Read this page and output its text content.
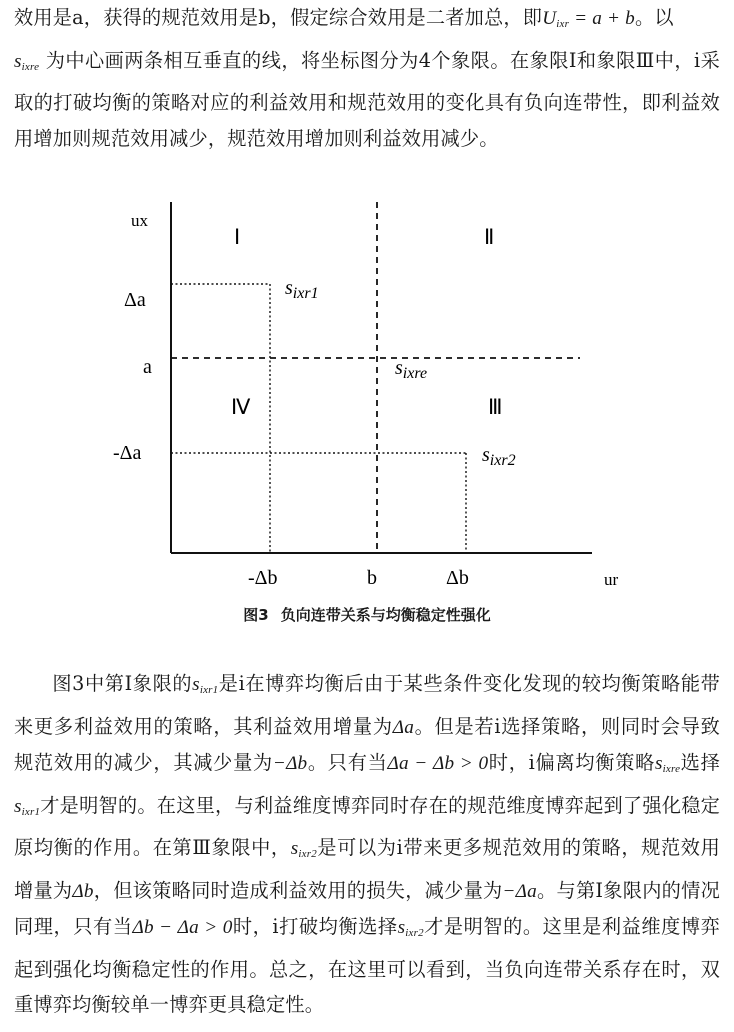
效用是a，获得的规范效用是b，假定综合效用是二者加总，即$U_{ixr} = a + b$。以
$s_{ixre}$ 为中心画两条相互垂直的线，将坐标图分为4个象限。在象限Ⅰ和象限Ⅲ中，i采取的打破均衡的策略对应的利益效用和规范效用的变化具有负向连带性，即利益效用增加则规范效用减少，规范效用增加则利益效用减少。

ux
ur
Δa
a
-Δa
-Δb	b	Δb
Ⅰ	Ⅱ
Ⅲ
Ⅳ
$s_{ixr1}$
$s_{ixre}$
$s_{ixr2}$
图3 负向连带关系与均衡稳定性强化

图3中第Ⅰ象限的$s_{ixr1}$是i在博弈均衡后由于某些条件变化发现的较均衡策略能带来更多利益效用的策略，其利益效用增量为Δa。但是若i选择策略，则同时会导致规范效用的减少，其减少量为−Δb。只有当Δa − Δb > 0时，i偏离均衡策略$s_{ixre}$选择$s_{ixr1}$才是明智的。在这里，与利益维度博弈同时存在的规范维度博弈起到了强化稳定原均衡的作用。在第Ⅲ象限中，$s_{ixr2}$是可以为i带来更多规范效用的策略，规范效用增量为Δb，但该策略同时造成利益效用的损失，减少量为−Δa。与第Ⅰ象限内的情况同理，只有当Δb − Δa > 0时，i打破均衡选择$s_{ixr2}$才是明智的。这里是利益维度博弈起到强化均衡稳定性的作用。总之，在这里可以看到，当负向连带关系存在时，双重博弈均衡较单一博弈更具稳定性。
